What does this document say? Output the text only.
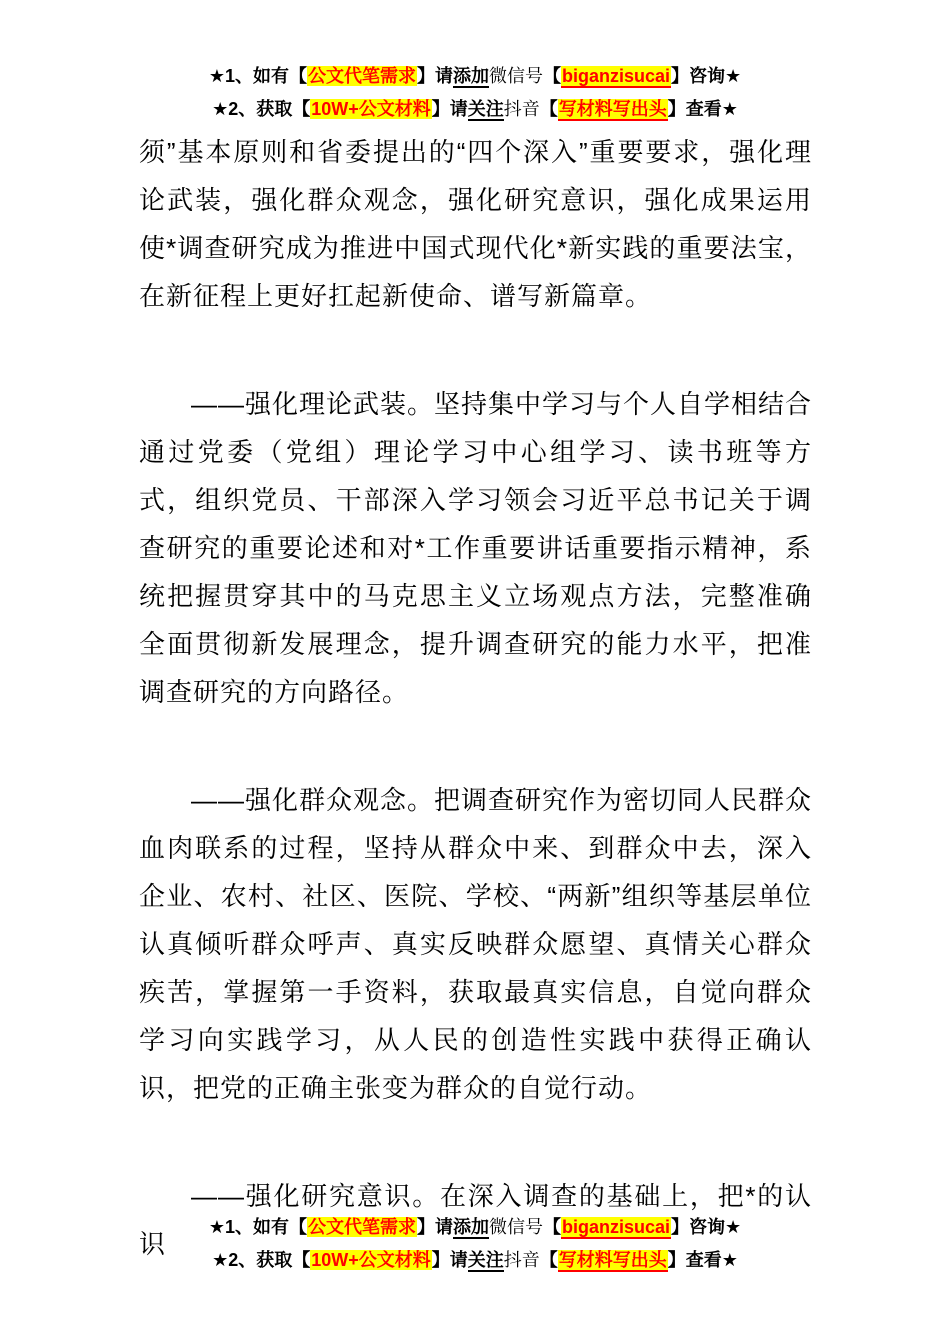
★1、如有【公文代笔需求】请添加微信号【biganzisucai】咨询★
★2、获取【10W+公文材料】请关注抖音【写材料写出头】查看★

须”基本原则和省委提出的“四个深入”重要要求，强化理论武装，强化群众观念，强化研究意识，强化成果运用使*调查研究成为推进中国式现代化*新实践的重要法宝，在新征程上更好扛起新使命、谱写新篇章。

——强化理论武装。坚持集中学习与个人自学相结合通过党委（党组）理论学习中心组学习、读书班等方式，组织党员、干部深入学习领会习近平总书记关于调查研究的重要论述和对*工作重要讲话重要指示精神，系统把握贯穿其中的马克思主义立场观点方法，完整准确全面贯彻新发展理念，提升调查研究的能力水平，把准调查研究的方向路径。

——强化群众观念。把调查研究作为密切同人民群众血肉联系的过程，坚持从群众中来、到群众中去，深入企业、农村、社区、医院、学校、“两新”组织等基层单位认真倾听群众呼声、真实反映群众愿望、真情关心群众疾苦，掌握第一手资料，获取最真实信息，自觉向群众学习向实践学习，从人民的创造性实践中获得正确认识，把党的正确主张变为群众的自觉行动。

——强化研究意识。在深入调查的基础上，把*的认识

★1、如有【公文代笔需求】请添加微信号【biganzisucai】咨询★
★2、获取【10W+公文材料】请关注抖音【写材料写出头】查看★
